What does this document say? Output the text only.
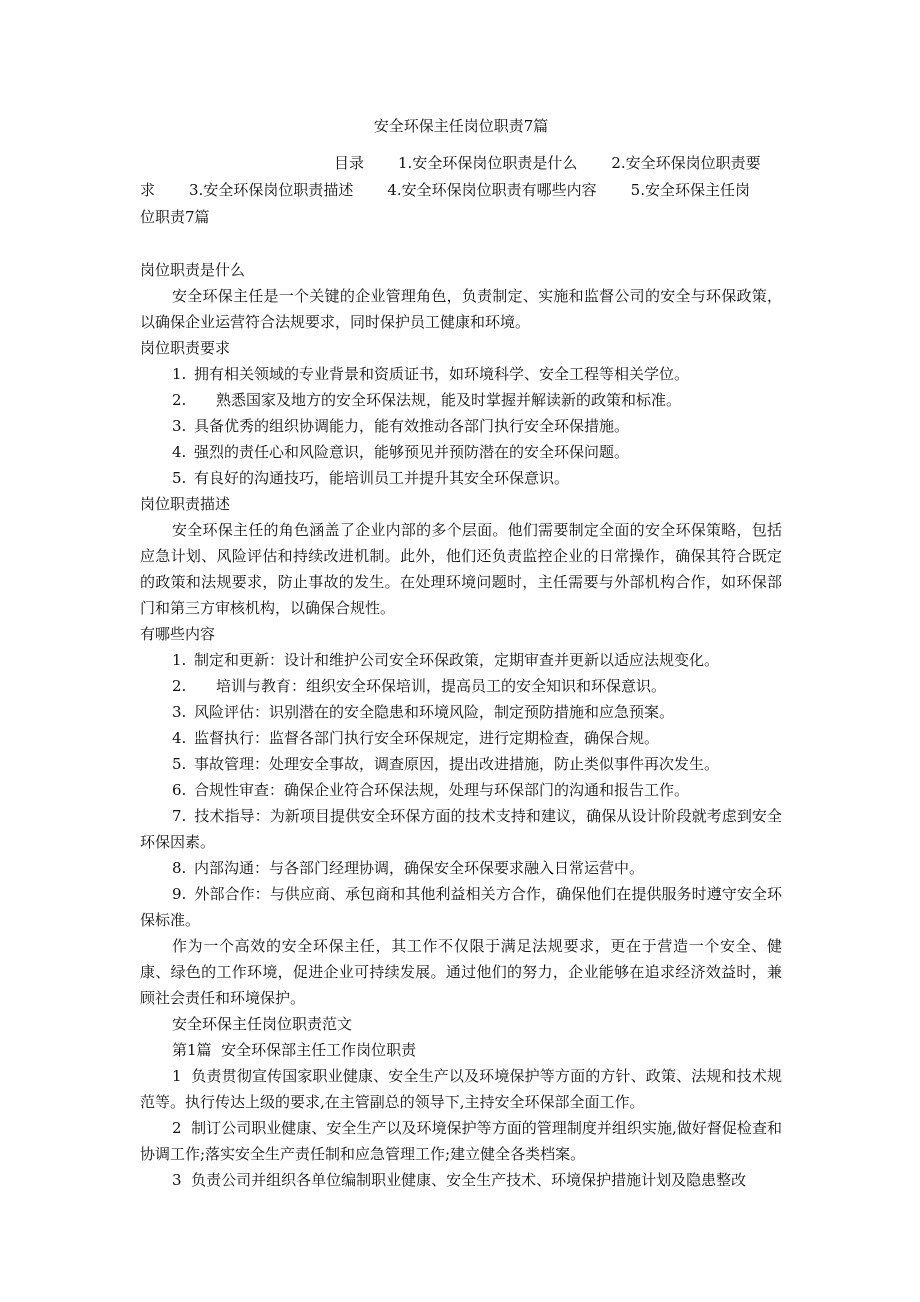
安全环保主任岗位职责7篇
目录 1.安全环保岗位职责是什么 2.安全环保岗位职责要
求 3.安全环保岗位职责描述 4.安全环保岗位职责有哪些内容 5.安全环保主任岗
位职责7篇
岗位职责是什么
安全环保主任是一个关键的企业管理角色，负责制定、实施和监督公司的安全与环保政策，以确保企业运营符合法规要求，同时保护员工健康和环境。
岗位职责要求
1. 拥有相关领域的专业背景和资质证书，如环境科学、安全工程等相关学位。
2. 熟悉国家及地方的安全环保法规，能及时掌握并解读新的政策和标准。
3. 具备优秀的组织协调能力，能有效推动各部门执行安全环保措施。
4. 强烈的责任心和风险意识，能够预见并预防潜在的安全环保问题。
5. 有良好的沟通技巧，能培训员工并提升其安全环保意识。
岗位职责描述
安全环保主任的角色涵盖了企业内部的多个层面。他们需要制定全面的安全环保策略，包括应急计划、风险评估和持续改进机制。此外，他们还负责监控企业的日常操作，确保其符合既定的政策和法规要求，防止事故的发生。在处理环境问题时，主任需要与外部机构合作，如环保部门和第三方审核机构，以确保合规性。
有哪些内容
1. 制定和更新：设计和维护公司安全环保政策，定期审查并更新以适应法规变化。
2. 培训与教育：组织安全环保培训，提高员工的安全知识和环保意识。
3. 风险评估：识别潜在的安全隐患和环境风险，制定预防措施和应急预案。
4. 监督执行：监督各部门执行安全环保规定，进行定期检查，确保合规。
5. 事故管理：处理安全事故，调查原因，提出改进措施，防止类似事件再次发生。
6. 合规性审查：确保企业符合环保法规，处理与环保部门的沟通和报告工作。
7. 技术指导：为新项目提供安全环保方面的技术支持和建议，确保从设计阶段就考虑到安全环保因素。
8. 内部沟通：与各部门经理协调，确保安全环保要求融入日常运营中。
9. 外部合作：与供应商、承包商和其他利益相关方合作，确保他们在提供服务时遵守安全环保标准。
作为一个高效的安全环保主任，其工作不仅限于满足法规要求，更在于营造一个安全、健康、绿色的工作环境，促进企业可持续发展。通过他们的努力，企业能够在追求经济效益时，兼顾社会责任和环境保护。
安全环保主任岗位职责范文
第1篇  安全环保部主任工作岗位职责
1  负责贯彻宣传国家职业健康、安全生产以及环境保护等方面的方针、政策、法规和技术规范等。执行传达上级的要求,在主管副总的领导下,主持安全环保部全面工作。
2  制订公司职业健康、安全生产以及环境保护等方面的管理制度并组织实施,做好督促检查和协调工作;落实安全生产责任制和应急管理工作;建立健全各类档案。
3  负责公司并组织各单位编制职业健康、安全生产技术、环境保护措施计划及隐患整改
